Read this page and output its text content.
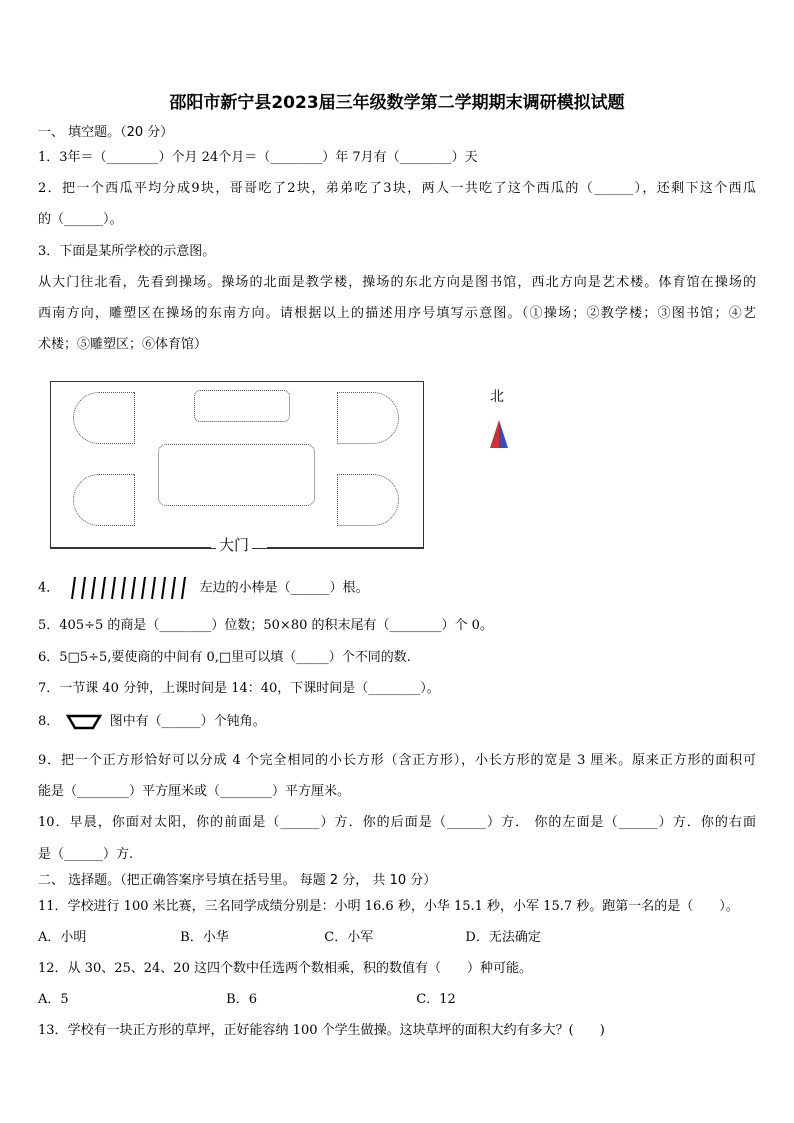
邵阳市新宁县2023届三年级数学第二学期期末调研模拟试题
一、 填空题。（20 分）
1．3年＝（________）个月 24个月＝（________）年 7月有（________）天
2．把一个西瓜平均分成9块，哥哥吃了2块，弟弟吃了3块，两人一共吃了这个西瓜的（______），还剩下这个西瓜
的（______）。
3．下面是某所学校的示意图。
从大门往北看，先看到操场。操场的北面是教学楼，操场的东北方向是图书馆，西北方向是艺术楼。体育馆在操场的
西南方向，雕塑区在操场的东南方向。请根据以上的描述用序号填写示意图。（①操场；②教学楼；③图书馆；④艺
术楼；⑤雕塑区；⑥体育馆）
大门
北
4．	左边的小棒是（______）根。
5．405÷5 的商是（________）位数；50×80 的积末尾有（________）个 0。
6．5□5÷5,要使商的中间有 0,□里可以填（_____）个不同的数.
7．一节课 40 分钟，上课时间是 14：40，下课时间是（________）。
8．	图中有（______）个钝角。
9．把一个正方形恰好可以分成 4 个完全相同的小长方形（含正方形），小长方形的宽是 3 厘米。原来正方形的面积可
能是（________）平方厘米或（________）平方厘米。
10．早晨，你面对太阳，你的前面是（______）方．你的后面是（______）方． 你的左面是（______）方．你的右面
是（______）方.
二、 选择题。（把正确答案序号填在括号里。 每题 2 分， 共 10 分）
11．学校进行 100 米比赛，三名同学成绩分别是：小明 16.6 秒，小华 15.1 秒，小军 15.7 秒。跑第一名的是（　　）。
A．小明	B．小华	C．小军	D．无法确定
12．从 30、25、24、20 这四个数中任选两个数相乘，积的数值有（　　）种可能。
A．5	B．6	C．12
13．学校有一块正方形的草坪，正好能容纳 100 个学生做操。这块草坪的面积大约有多大？(　　)
